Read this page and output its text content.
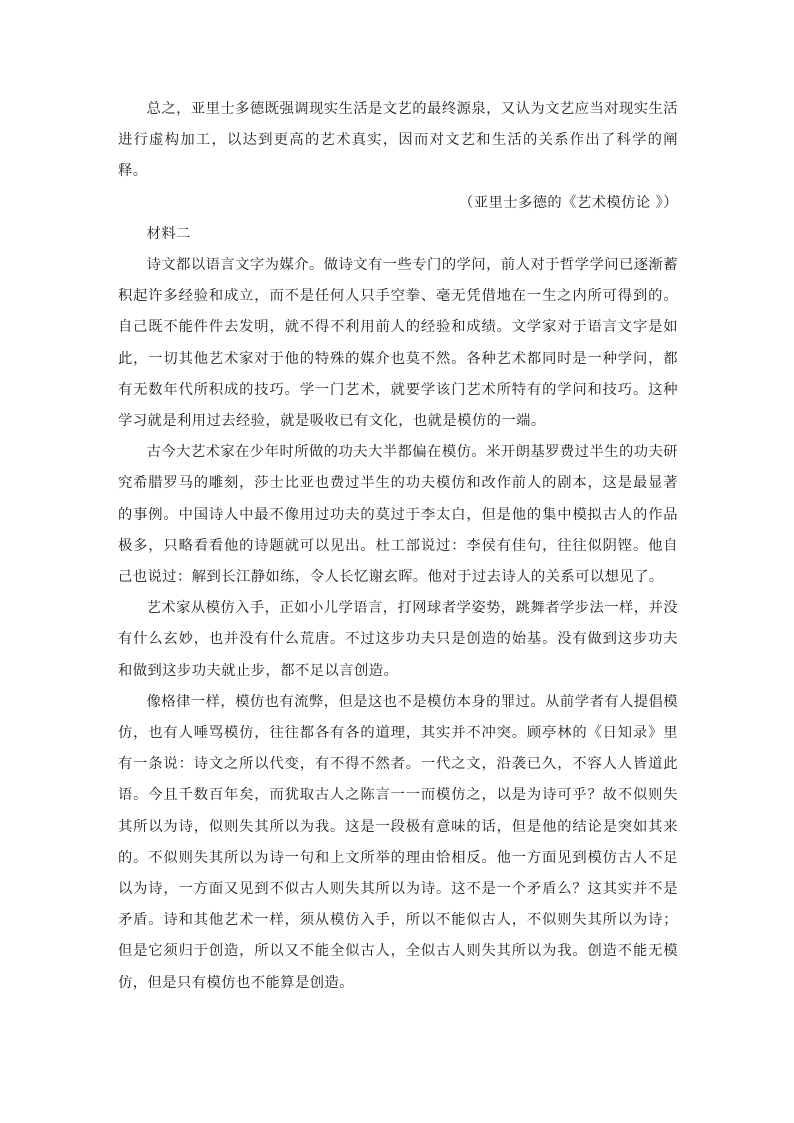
总之，亚里士多德既强调现实生活是文艺的最终源泉，又认为文艺应当对现实生活进行虚构加工，以达到更高的艺术真实，因而对文艺和生活的关系作出了科学的阐释。

（亚里士多德的《艺术模仿论 》）

材料二

诗文都以语言文字为媒介。做诗文有一些专门的学问，前人对于哲学学问已逐渐蓄积起许多经验和成立，而不是任何人只手空拳、毫无凭借地在一生之内所可得到的。自己既不能件件去发明，就不得不利用前人的经验和成绩。文学家对于语言文字是如此，一切其他艺术家对于他的特殊的媒介也莫不然。各种艺术都同时是一种学问，都有无数年代所积成的技巧。学一门艺术，就要学该门艺术所特有的学问和技巧。这种学习就是利用过去经验，就是吸收已有文化，也就是模仿的一端。

古今大艺术家在少年时所做的功夫大半都偏在模仿。米开朗基罗费过半生的功夫研究希腊罗马的雕刻，莎士比亚也费过半生的功夫模仿和改作前人的剧本，这是最显著的事例。中国诗人中最不像用过功夫的莫过于李太白，但是他的集中模拟古人的作品极多，只略看看他的诗题就可以见出。杜工部说过：李侯有佳句，往往似阴铿。他自己也说过：解到长江静如练，令人长忆谢玄晖。他对于过去诗人的关系可以想见了。

艺术家从模仿入手，正如小儿学语言，打网球者学姿势，跳舞者学步法一样，并没有什么玄妙，也并没有什么荒唐。不过这步功夫只是创造的始基。没有做到这步功夫和做到这步功夫就止步，都不足以言创造。

像格律一样，模仿也有流弊，但是这也不是模仿本身的罪过。从前学者有人提倡模仿，也有人唾骂模仿，往往都各有各的道理，其实并不冲突。顾亭林的《日知录》里有一条说：诗文之所以代变，有不得不然者。一代之文，沿袭已久，不容人人皆道此语。今且千数百年矣，而犹取古人之陈言一一而模仿之，以是为诗可乎？故不似则失其所以为诗，似则失其所以为我。这是一段极有意味的话，但是他的结论是突如其来的。不似则失其所以为诗一句和上文所举的理由恰相反。他一方面见到模仿古人不足以为诗，一方面又见到不似古人则失其所以为诗。这不是一个矛盾么？这其实并不是矛盾。诗和其他艺术一样，须从模仿入手，所以不能似古人，不似则失其所以为诗；但是它须归于创造，所以又不能全似古人，全似古人则失其所以为我。创造不能无模仿，但是只有模仿也不能算是创造。
